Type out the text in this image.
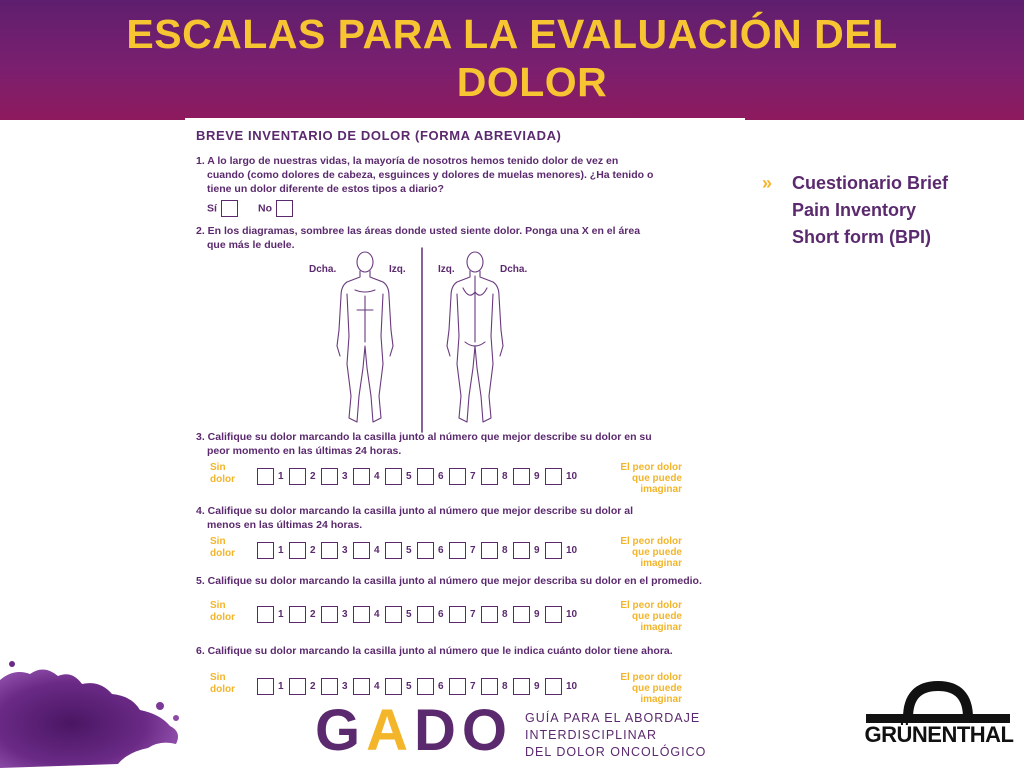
ESCALAS PARA LA EVALUACIÓN DEL
DOLOR
BREVE INVENTARIO DE DOLOR (FORMA ABREVIADA)
1. A lo largo de nuestras vidas, la mayoría de nosotros hemos tenido dolor de vez en
cuando (como dolores de cabeza, esguinces y dolores de muelas menores). ¿Ha tenido o
tiene un dolor diferente de estos tipos a diario?
Sí	No
2. En los diagramas, sombree las áreas donde usted siente dolor. Ponga una X en el área
que más le duele.
Dcha.	Izq.	Izq.	Dcha.
3. Califique su dolor marcando la casilla junto al número que mejor describe su dolor en su
peor momento en las últimas 24 horas.
Sin
dolor	1	2	3	4	5	6	7	8	9	10
El peor dolor
que puede
imaginar
4. Califique su dolor marcando la casilla junto al número que mejor describe su dolor al
menos en las últimas 24 horas.
Sin
dolor	1	2	3	4	5	6	7	8	9	10
El peor dolor
que puede
imaginar
5. Califique su dolor marcando la casilla junto al número que mejor describa su dolor en el promedio.
Sin
dolor	1	2	3	4	5	6	7	8	9	10
El peor dolor
que puede
imaginar
6. Califique su dolor marcando la casilla junto al número que le indica cuánto dolor tiene ahora.
Sin
dolor	1	2	3	4	5	6	7	8	9	10
El peor dolor
que puede
imaginar
»	Cuestionario Brief
Pain Inventory
Short form (BPI)
GADO GUÍA PARA EL ABORDAJE
INTERDISCIPLINAR
DEL DOLOR ONCOLÓGICO
GRÜNENTHAL
